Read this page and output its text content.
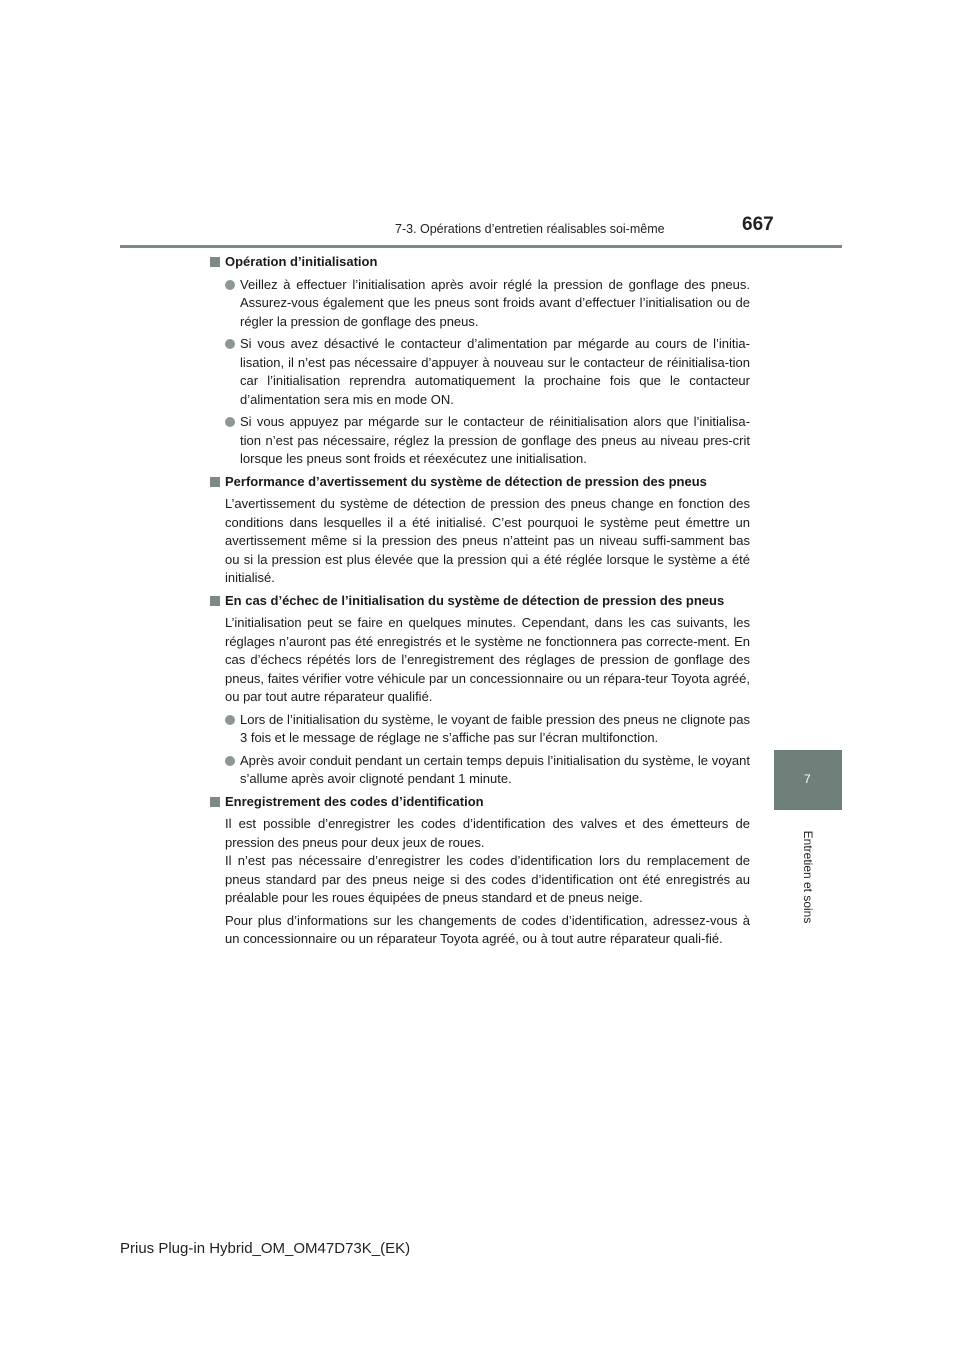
7-3. Opérations d’entretien réalisables soi-même	667
7
Entretien et soins
Opération d’initialisation
Veillez à effectuer l’initialisation après avoir réglé la pression de gonflage des pneus. Assurez-vous également que les pneus sont froids avant d’effectuer l’initialisation ou de régler la pression de gonflage des pneus.
Si vous avez désactivé le contacteur d’alimentation par mégarde au cours de l’initia-lisation, il n’est pas nécessaire d’appuyer à nouveau sur le contacteur de réinitialisa-tion car l’initialisation reprendra automatiquement la prochaine fois que le contacteur d’alimentation sera mis en mode ON.
Si vous appuyez par mégarde sur le contacteur de réinitialisation alors que l’initialisa-tion n’est pas nécessaire, réglez la pression de gonflage des pneus au niveau pres-crit lorsque les pneus sont froids et réexécutez une initialisation.
Performance d’avertissement du système de détection de pression des pneus
L’avertissement du système de détection de pression des pneus change en fonction des conditions dans lesquelles il a été initialisé. C’est pourquoi le système peut émettre un avertissement même si la pression des pneus n’atteint pas un niveau suffi-samment bas ou si la pression est plus élevée que la pression qui a été réglée lorsque le système a été initialisé.
En cas d’échec de l’initialisation du système de détection de pression des pneus
L’initialisation peut se faire en quelques minutes. Cependant, dans les cas suivants, les réglages n’auront pas été enregistrés et le système ne fonctionnera pas correcte-ment. En cas d’échecs répétés lors de l’enregistrement des réglages de pression de gonflage des pneus, faites vérifier votre véhicule par un concessionnaire ou un répara-teur Toyota agréé, ou par tout autre réparateur qualifié.
Lors de l’initialisation du système, le voyant de faible pression des pneus ne clignote pas 3 fois et le message de réglage ne s’affiche pas sur l’écran multifonction.
Après avoir conduit pendant un certain temps depuis l’initialisation du système, le voyant s’allume après avoir clignoté pendant 1 minute.
Enregistrement des codes d’identification
Il est possible d’enregistrer les codes d’identification des valves et des émetteurs de pression des pneus pour deux jeux de roues.
Il n’est pas nécessaire d’enregistrer les codes d’identification lors du remplacement de pneus standard par des pneus neige si des codes d’identification ont été enregistrés au préalable pour les roues équipées de pneus standard et de pneus neige.
Pour plus d’informations sur les changements de codes d’identification, adressez-vous à un concessionnaire ou un réparateur Toyota agréé, ou à tout autre réparateur quali-fié.
Prius Plug-in Hybrid_OM_OM47D73K_(EK)
